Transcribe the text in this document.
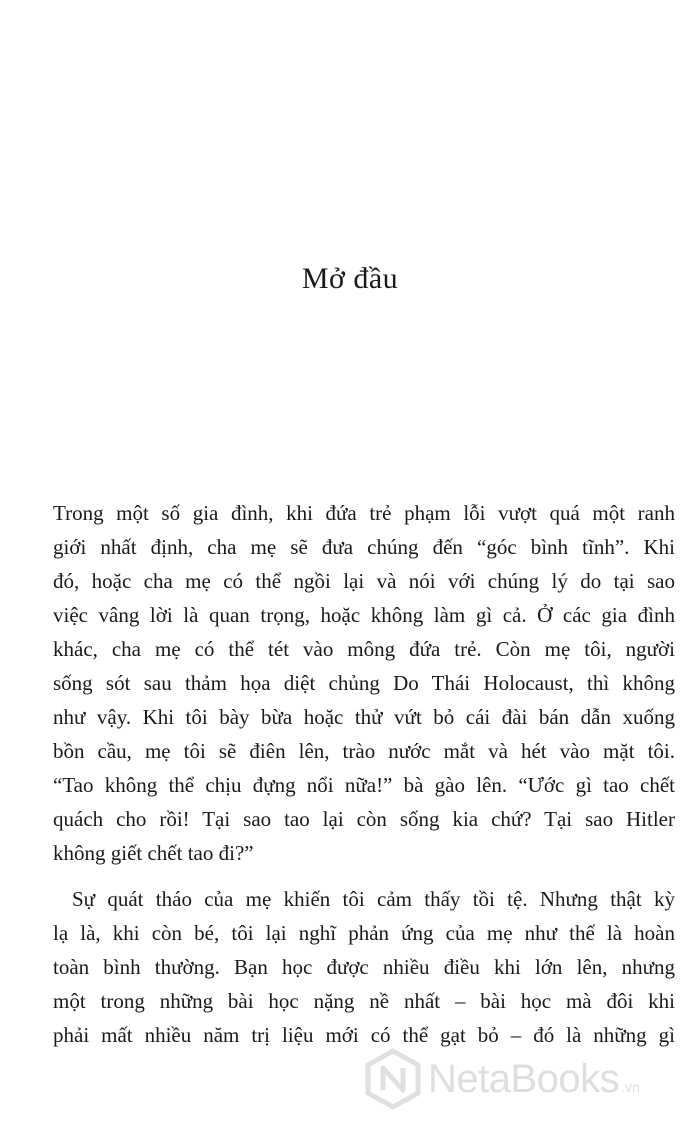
Mở đầu
Trong một số gia đình, khi đứa trẻ phạm lỗi vượt quá một ranh
giới nhất định, cha mẹ sẽ đưa chúng đến “góc bình tĩnh”. Khi
đó, hoặc cha mẹ có thể ngồi lại và nói với chúng lý do tại sao
việc vâng lời là quan trọng, hoặc không làm gì cả. Ở các gia đình
khác, cha mẹ có thể tét vào mông đứa trẻ. Còn mẹ tôi, người
sống sót sau thảm họa diệt chủng Do Thái Holocaust, thì không
như vậy. Khi tôi bày bừa hoặc thử vứt bỏ cái đài bán dẫn xuống
bồn cầu, mẹ tôi sẽ điên lên, trào nước mắt và hét vào mặt tôi.
“Tao không thể chịu đựng nổi nữa!” bà gào lên. “Ước gì tao chết
quách cho rồi! Tại sao tao lại còn sống kia chứ? Tại sao Hitler
không giết chết tao đi?”
Sự quát tháo của mẹ khiến tôi cảm thấy tồi tệ. Nhưng thật kỳ
lạ là, khi còn bé, tôi lại nghĩ phản ứng của mẹ như thế là hoàn
toàn bình thường. Bạn học được nhiều điều khi lớn lên, nhưng
một trong những bài học nặng nề nhất – bài học mà đôi khi
phải mất nhiều năm trị liệu mới có thể gạt bỏ – đó là những gì
NetaBooks .vn
